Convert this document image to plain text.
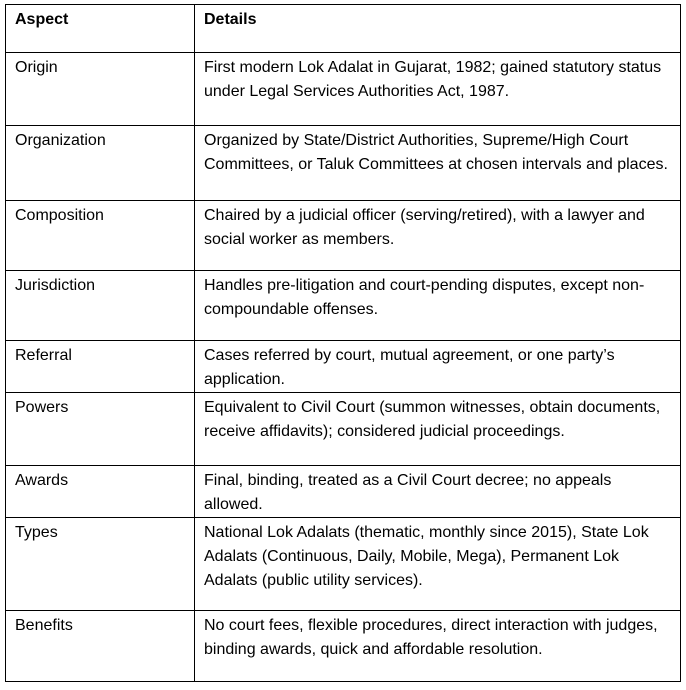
Aspect	Details
Origin	First modern Lok Adalat in Gujarat, 1982; gained statutory status under Legal Services Authorities Act, 1987.
Organization	Organized by State/District Authorities, Supreme/High Court Committees, or Taluk Committees at chosen intervals and places.
Composition	Chaired by a judicial officer (serving/retired), with a lawyer and social worker as members.
Jurisdiction	Handles pre-litigation and court-pending disputes, except non-compoundable offenses.
Referral	Cases referred by court, mutual agreement, or one party’s application.
Powers	Equivalent to Civil Court (summon witnesses, obtain documents, receive affidavits); considered judicial proceedings.
Awards	Final, binding, treated as a Civil Court decree; no appeals allowed.
Types	National Lok Adalats (thematic, monthly since 2015), State Lok Adalats (Continuous, Daily, Mobile, Mega), Permanent Lok Adalats (public utility services).
Benefits	No court fees, flexible procedures, direct interaction with judges, binding awards, quick and affordable resolution.
